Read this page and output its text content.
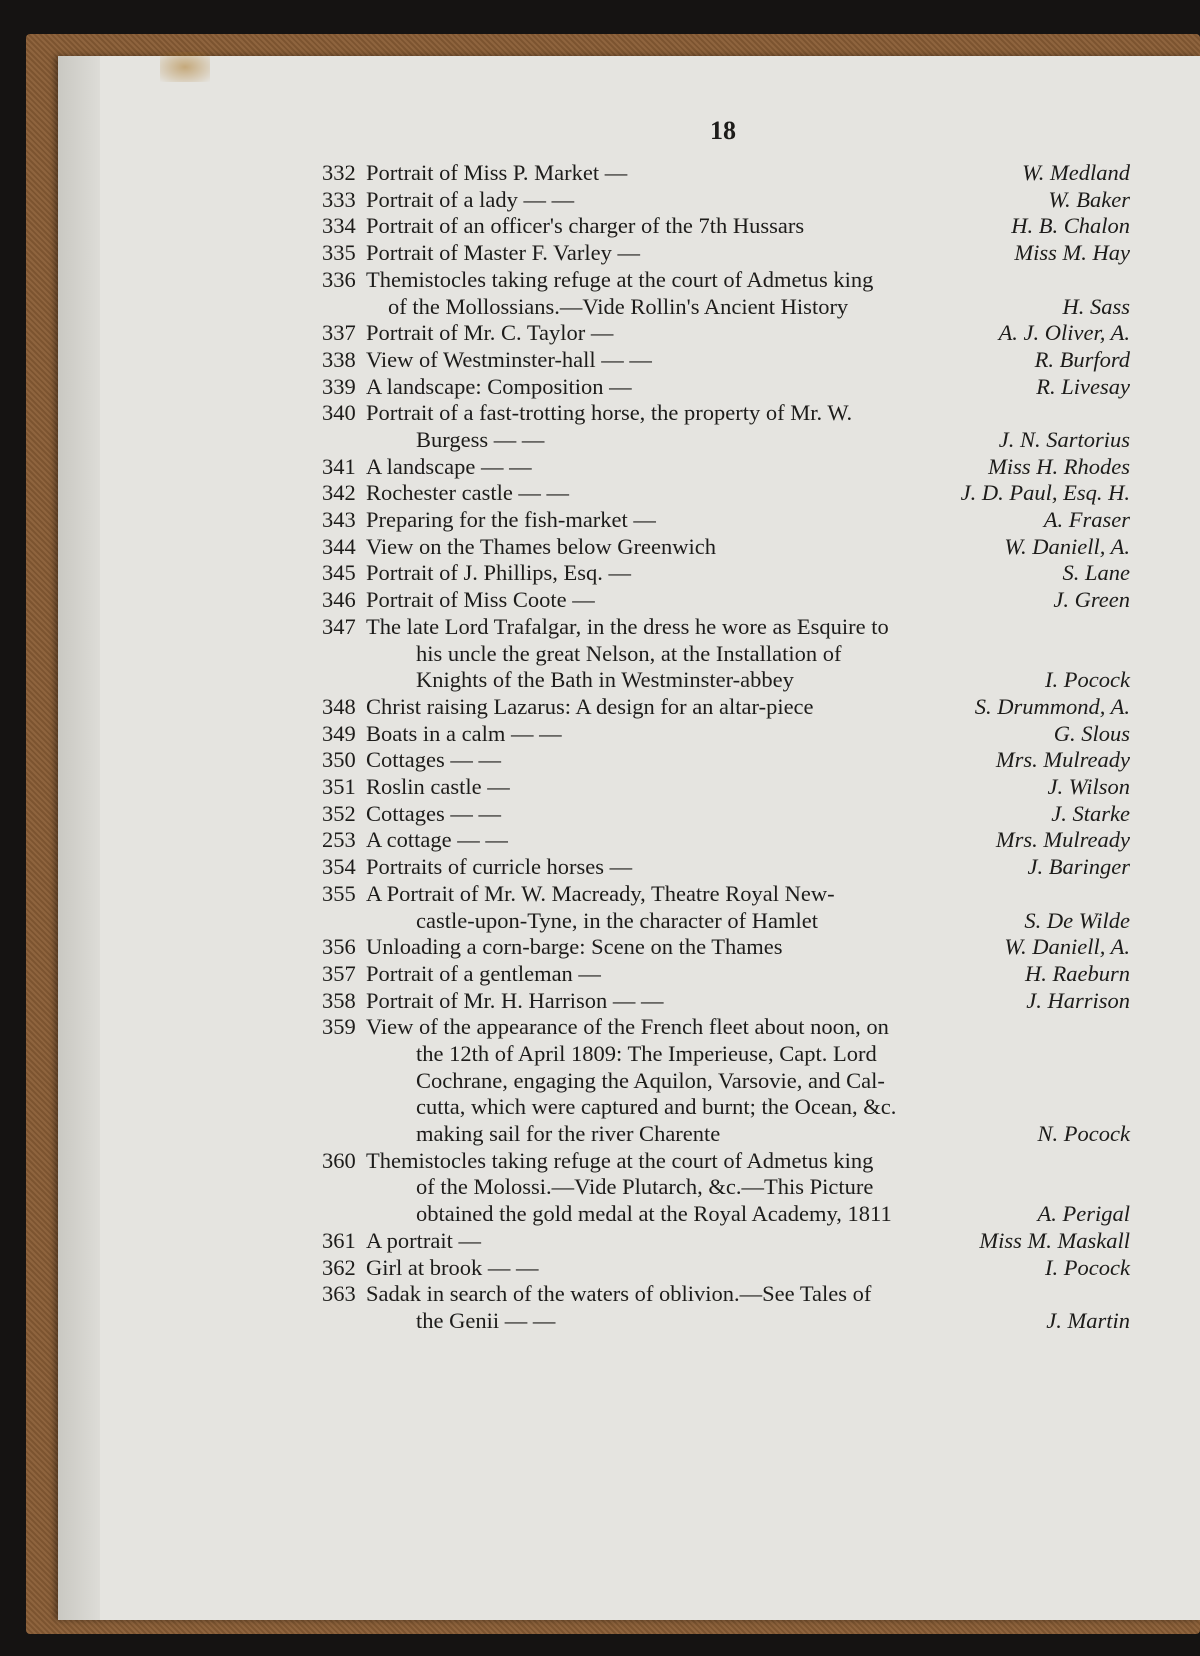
18
332 Portrait of Miss P. Market —	W. Medland
333 Portrait of a lady — —	W. Baker
334 Portrait of an officer's charger of the 7th Hussars	H. B. Chalon
335 Portrait of Master F. Varley —	Miss M. Hay
336 Themistocles taking refuge at the court of Admetus king
of the Mollossians.—Vide Rollin's Ancient History	H. Sass
337 Portrait of Mr. C. Taylor —	A. J. Oliver, A.
338 View of Westminster-hall — —	R. Burford
339 A landscape: Composition —	R. Livesay
340 Portrait of a fast-trotting horse, the property of Mr. W.
Burgess — —	J. N. Sartorius
341 A landscape — —	Miss H. Rhodes
342 Rochester castle — —	J. D. Paul, Esq. H.
343 Preparing for the fish-market —	A. Fraser
344 View on the Thames below Greenwich	W. Daniell, A.
345 Portrait of J. Phillips, Esq. —	S. Lane
346 Portrait of Miss Coote —	J. Green
347 The late Lord Trafalgar, in the dress he wore as Esquire to
his uncle the great Nelson, at the Installation of
Knights of the Bath in Westminster-abbey	I. Pocock
348 Christ raising Lazarus: A design for an altar-piece	S. Drummond, A.
349 Boats in a calm — —	G. Slous
350 Cottages — —	Mrs. Mulready
351 Roslin castle —	J. Wilson
352 Cottages — —	J. Starke
253 A cottage — —	Mrs. Mulready
354 Portraits of curricle horses —	J. Baringer
355 A Portrait of Mr. W. Macready, Theatre Royal New-
castle-upon-Tyne, in the character of Hamlet	S. De Wilde
356 Unloading a corn-barge: Scene on the Thames	W. Daniell, A.
357 Portrait of a gentleman —	H. Raeburn
358 Portrait of Mr. H. Harrison — —	J. Harrison
359 View of the appearance of the French fleet about noon, on
the 12th of April 1809: The Imperieuse, Capt. Lord
Cochrane, engaging the Aquilon, Varsovie, and Cal-
cutta, which were captured and burnt; the Ocean, &c.
making sail for the river Charente	N. Pocock
360 Themistocles taking refuge at the court of Admetus king
of the Molossi.—Vide Plutarch, &c.—This Picture
obtained the gold medal at the Royal Academy, 1811	A. Perigal
361 A portrait —	Miss M. Maskall
362 Girl at brook — —	I. Pocock
363 Sadak in search of the waters of oblivion.—See Tales of
the Genii — —	J. Martin
